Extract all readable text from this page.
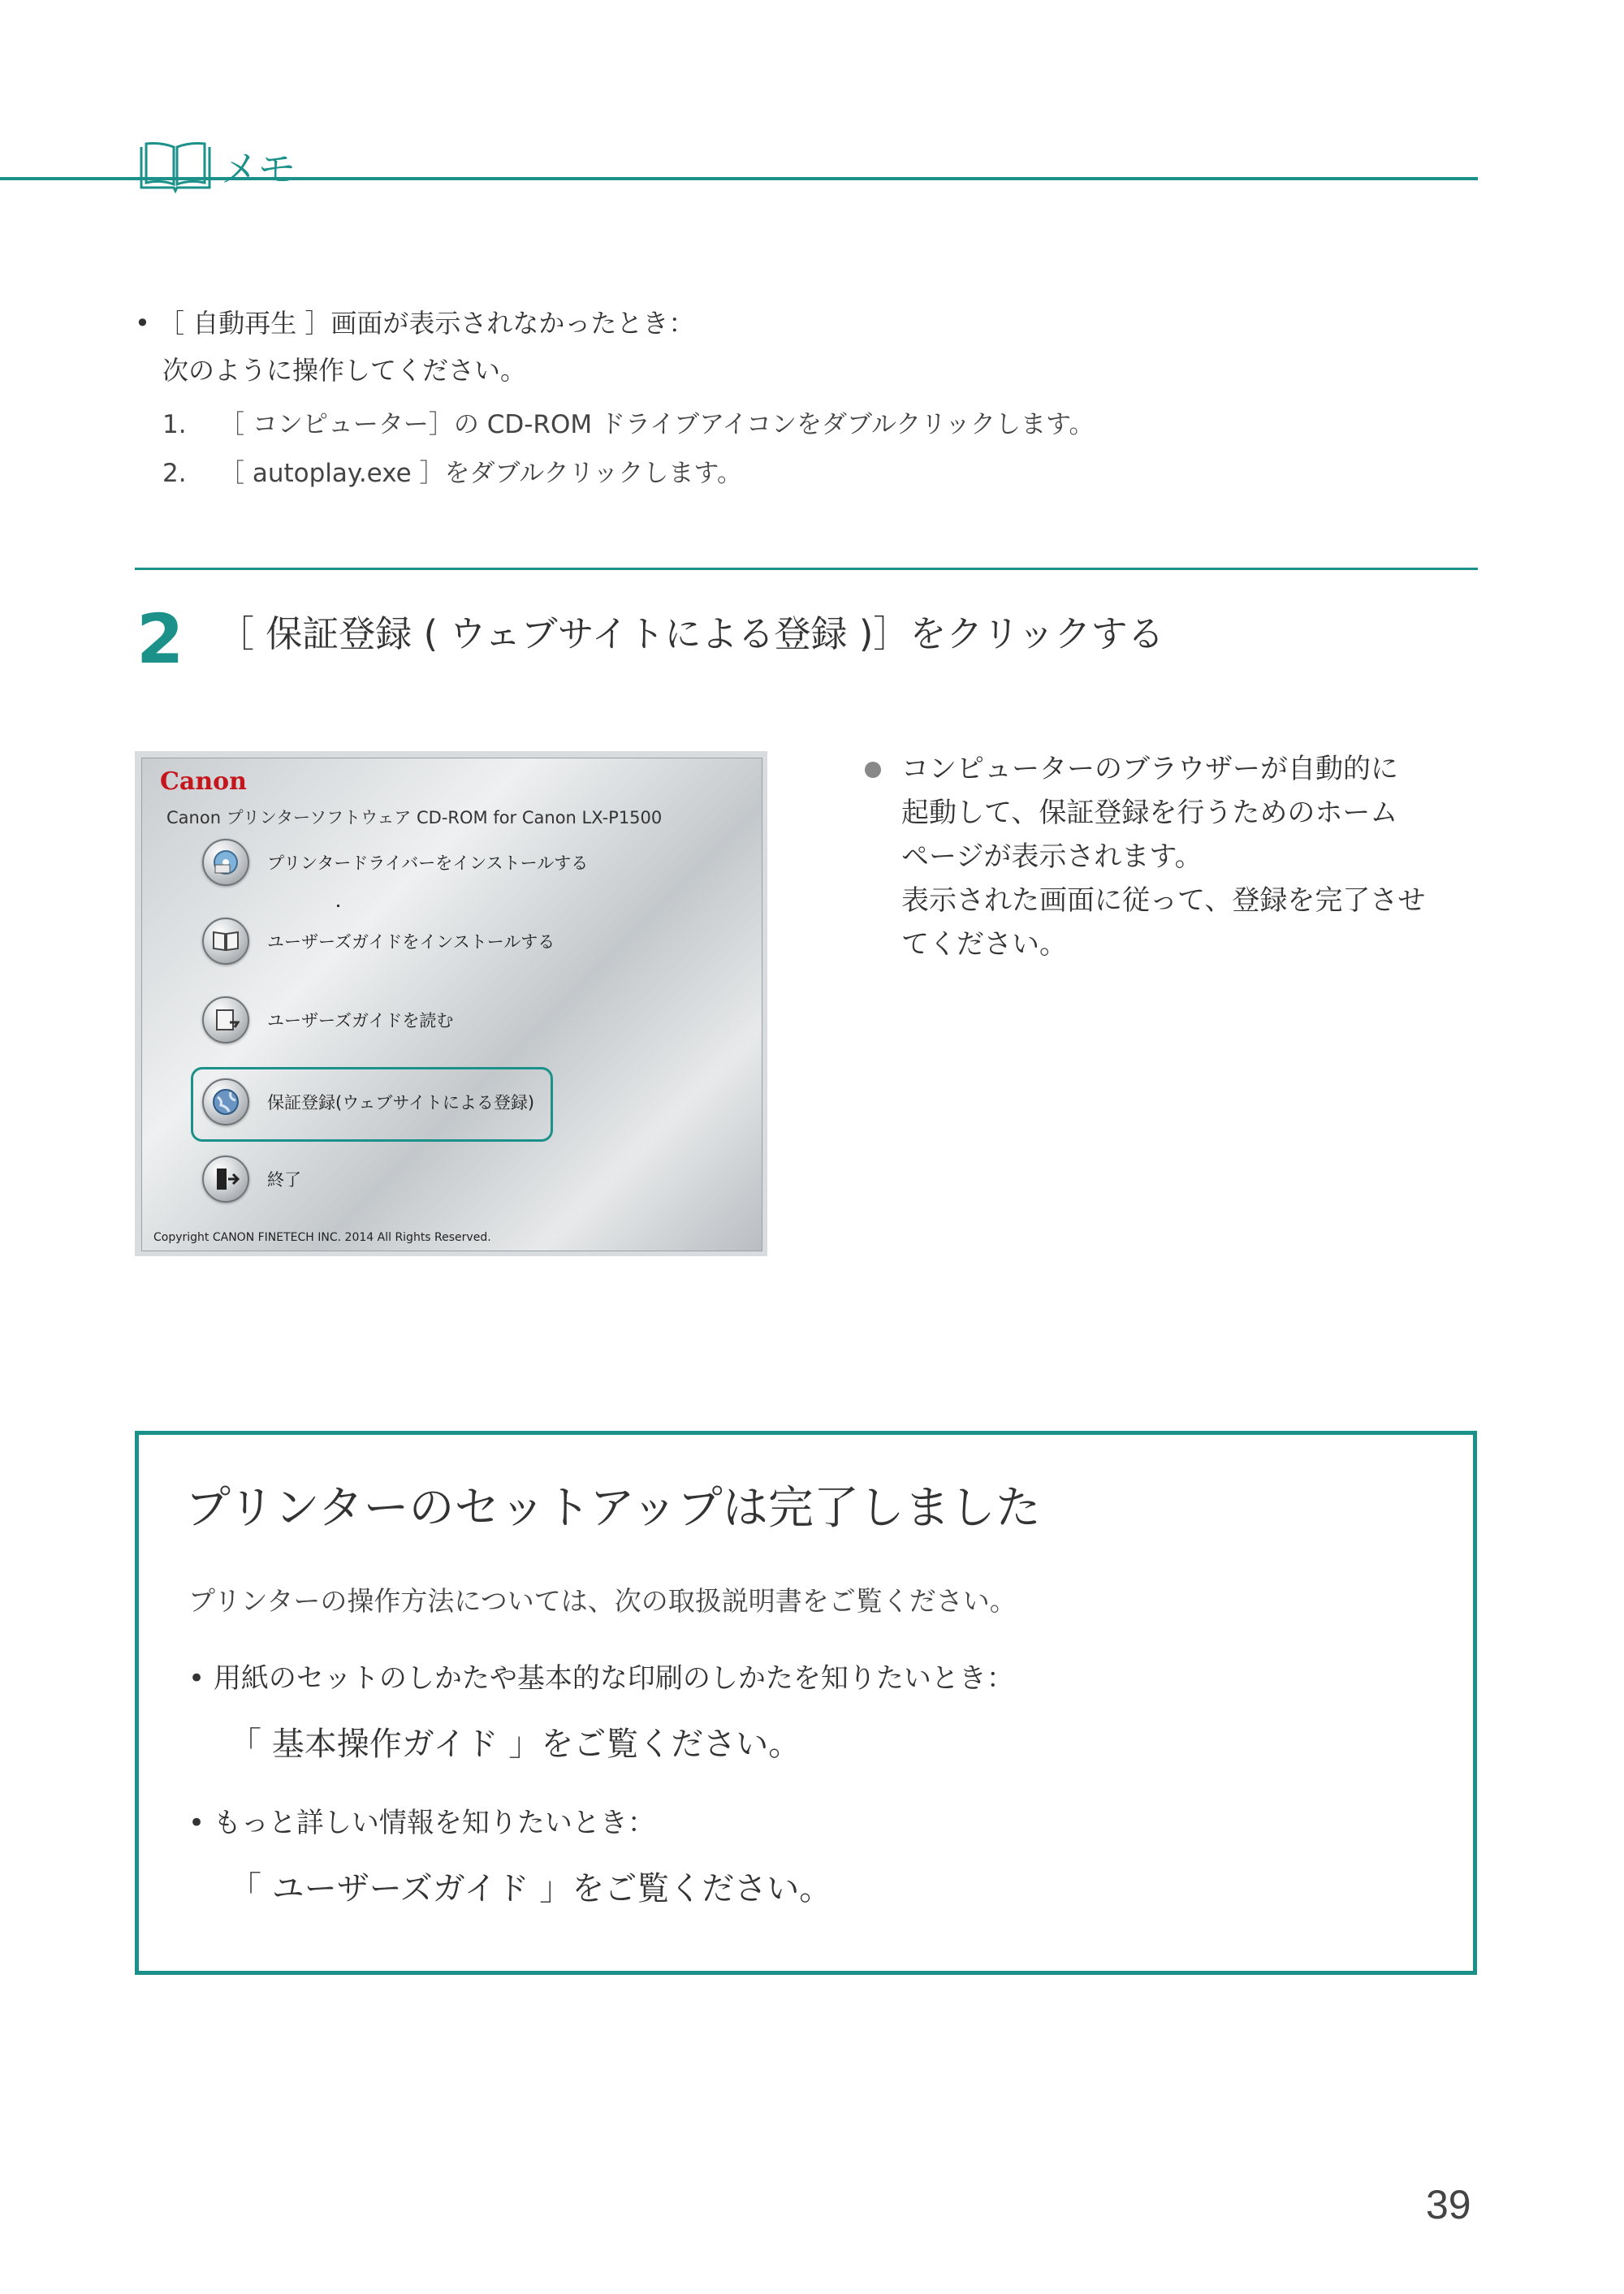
メモ
• ［ 自動再生 ］画面が表示されなかったとき：
次のように操作してください。
1. ［ コンピューター］の CD-ROM ドライブアイコンをダブルクリックします。
2. ［ autoplay.exe ］をダブルクリックします。
2 ［ 保証登録 ( ウェブサイトによる登録 )］をクリックする
Canon
Canon プリンターソフトウェア CD-ROM for Canon LX-P1500
プリンタードライバーをインストールする
ユーザーズガイドをインストールする
ユーザーズガイドを読む
保証登録(ウェブサイトによる登録)
終了
Copyright CANON FINETECH INC. 2014 All Rights Reserved.
コンピューターのブラウザーが自動的に
起動して、保証登録を行うためのホーム
ページが表示されます。
表示された画面に従って、登録を完了させ
てください。
プリンターのセットアップは完了しました
プリンターの操作方法については、次の取扱説明書をご覧ください。
• 用紙のセットのしかたや基本的な印刷のしかたを知りたいとき：
「 基本操作ガイド 」をご覧ください。
• もっと詳しい情報を知りたいとき：
「 ユーザーズガイド 」をご覧ください。
39
